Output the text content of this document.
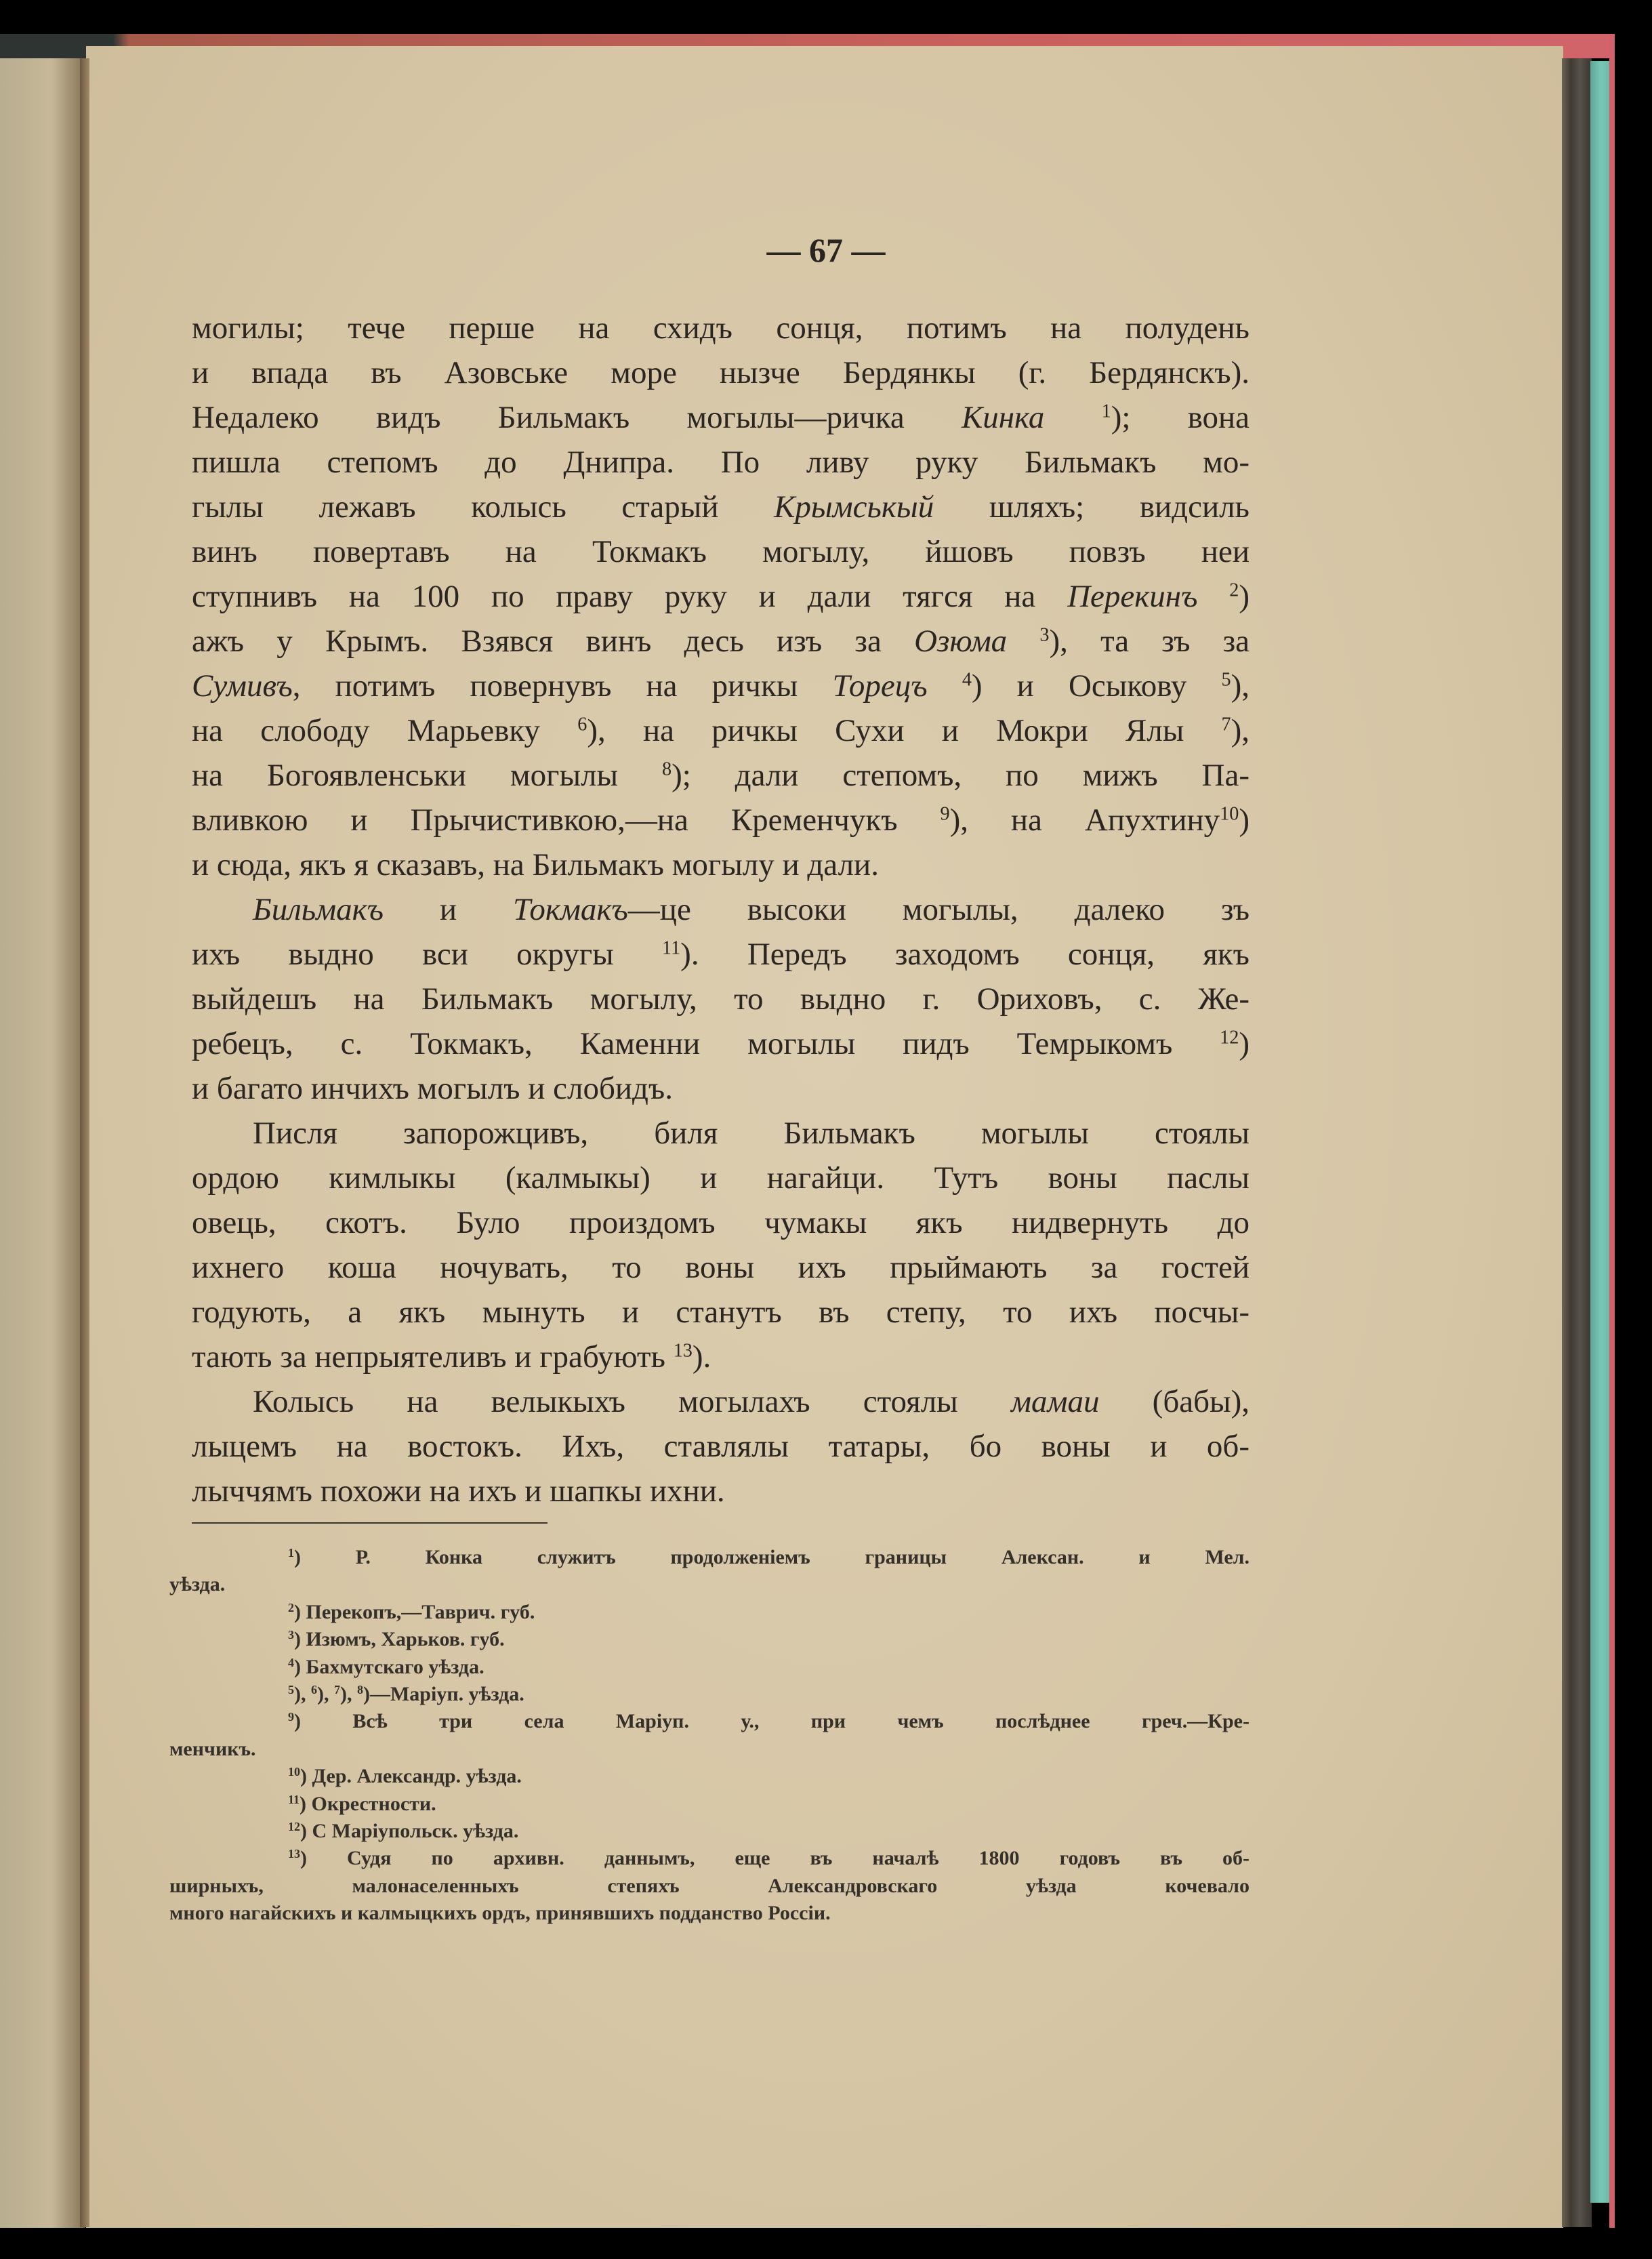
— 67 —
могилы; тече перше на схидъ сонця, потимъ на полудень
и впада въ Азовське море нызче Бердянкы (г. Бердянскъ).
Недалеко видъ Бильмакъ могылы—ричка Кинка	$^1$); вона
пишла степомъ до Днипра. По ливу руку Бильмакъ мо-
гылы лежавъ колысь старый Крымськый шляхъ; видсиль
винъ повертавъ на Токмакъ могылу, йшовъ повзъ неи
ступнивъ на 100 по праву руку и дали тягся на Перекинъ $^2$)
ажъ у Крымъ. Взявся винъ десь изъ за Озюма $^3$), та зъ за
Сумивъ, потимъ повернувъ на ричкы Торецъ $^4$) и Осыкову $^5$),
на слободу Марьевку $^6$), на ричкы Сухи и Мокри Ялы $^7$),
на Богоявленськи могылы $^8$); дали степомъ, по мижъ Па-
вливкою и Прычистивкою,—на Кременчукъ $^9$), на Апухтину$^{10}$)
и сюда, якъ я сказавъ, на Бильмакъ могылу и дали.
Бильмакъ и Токмакъ—це высоки могылы, далеко зъ
ихъ выдно вси округы $^{11}$). Передъ заходомъ сонця, якъ
выйдешъ на Бильмакъ могылу, то выдно г. Ориховъ, с. Же-
ребецъ, с. Токмакъ, Каменни могылы пидъ Темрыкомъ $^{12}$)
и багато инчихъ могылъ и слобидъ.
Писля запорожцивъ, биля Бильмакъ могылы стоялы
ордою кимлыкы (калмыкы) и нагайци. Тутъ воны паслы
овець, скотъ. Було произдомъ чумакы якъ нидвернуть до
ихнего коша ночувать, то воны ихъ прыймають за гостей
годують, а якъ мынуть и станутъ въ степу, то ихъ посчы-
тають за непрыятеливъ и грабують $^{13}$).
Колысь на велыкыхъ могылахъ стоялы мамаи (бабы),
лыцемъ на востокъ. Ихъ, ставлялы татары, бо воны и об-
лыччямъ похожи на ихъ и шапкы ихни.
$^1$) Р. Конка служитъ продолженіемъ границы Алексан. и Мел.
уѣзда.
$^2$) Перекопъ,—Таврич. губ.
$^3$) Изюмъ, Харьков. губ.
$^4$) Бахмутскаго уѣзда.
$^5$), $^6$), $^7$), $^8$)—Маріуп. уѣзда.
$^9$) Всѣ три села Маріуп. у., при чемъ послѣднее греч.—Кре-
менчикъ.
$^{10}$) Дер. Александр. уѣзда.
$^{11}$) Окрестности.
$^{12}$) С Маріупольск. уѣзда.
$^{13}$) Судя по архивн. даннымъ, еще въ началѣ 1800 годовъ въ об-
ширныхъ, малонаселенныхъ степяхъ Александровскаго уѣзда кочевало
много нагайскихъ и калмыцкихъ ордъ, принявшихъ подданство Россіи.
